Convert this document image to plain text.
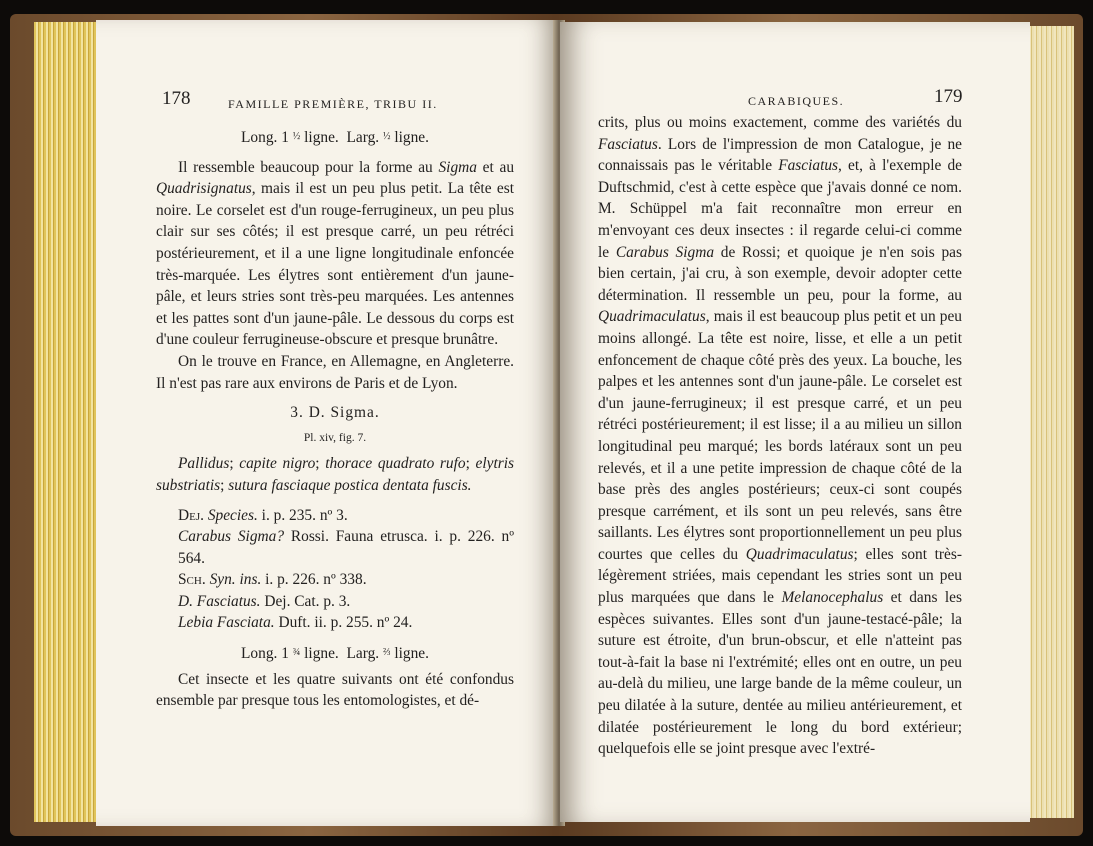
178	FAMILLE PREMIÈRE, TRIBU II.

Long. 1 ½ ligne. Larg. ½ ligne.

Il ressemble beaucoup pour la forme au Sigma et au Quadrisignatus, mais il est un peu plus petit. La tête est noire. Le corselet est d'un rouge-ferrugineux, un peu plus clair sur ses côtés; il est presque carré, un peu rétréci postérieurement, et il a une ligne longitudinale enfoncée très-marquée. Les élytres sont entièrement d'un jaune-pâle, et leurs stries sont très-peu marquées. Les antennes et les pattes sont d'un jaune-pâle. Le dessous du corps est d'une couleur ferrugineuse-obscure et presque brunâtre.

On le trouve en France, en Allemagne, en Angleterre. Il n'est pas rare aux environs de Paris et de Lyon.

3. D. Sigma.

Pl. xiv, fig. 7.

Pallidus; capite nigro; thorace quadrato rufo; elytris substriatis; sutura fasciaque postica dentata fuscis.

Dej. Species. i. p. 235. nº 3.

Carabus Sigma? Rossi. Fauna etrusca. i. p. 226. nº 564.

Sch. Syn. ins. i. p. 226. nº 338.

D. Fasciatus. Dej. Cat. p. 3.

Lebia Fasciata. Duft. ii. p. 255. nº 24.

Long. 1 ¾ ligne. Larg. ⅔ ligne.

Cet insecte et les quatre suivants ont été confondus ensemble par presque tous les entomologistes, et dé-

CARABIQUES.	179

crits, plus ou moins exactement, comme des variétés du Fasciatus. Lors de l'impression de mon Catalogue, je ne connaissais pas le véritable Fasciatus, et, à l'exemple de Duftschmid, c'est à cette espèce que j'avais donné ce nom. M. Schüppel m'a fait reconnaître mon erreur en m'envoyant ces deux insectes : il regarde celui-ci comme le Carabus Sigma de Rossi; et quoique je n'en sois pas bien certain, j'ai cru, à son exemple, devoir adopter cette détermination. Il ressemble un peu, pour la forme, au Quadrimaculatus, mais il est beaucoup plus petit et un peu moins allongé. La tête est noire, lisse, et elle a un petit enfoncement de chaque côté près des yeux. La bouche, les palpes et les antennes sont d'un jaune-pâle. Le corselet est d'un jaune-ferrugineux; il est presque carré, et un peu rétréci postérieurement; il est lisse; il a au milieu un sillon longitudinal peu marqué; les bords latéraux sont un peu relevés, et il a une petite impression de chaque côté de la base près des angles postérieurs; ceux-ci sont coupés presque carrément, et ils sont un peu relevés, sans être saillants. Les élytres sont proportionnellement un peu plus courtes que celles du Quadrimaculatus; elles sont très-légèrement striées, mais cependant les stries sont un peu plus marquées que dans le Melanocephalus et dans les espèces suivantes. Elles sont d'un jaune-testacé-pâle; la suture est étroite, d'un brun-obscur, et elle n'atteint pas tout-à-fait la base ni l'extrémité; elles ont en outre, un peu au-delà du milieu, une large bande de la même couleur, un peu dilatée à la suture, dentée au milieu antérieurement, et dilatée postérieurement le long du bord extérieur; quelquefois elle se joint presque avec l'extré-
